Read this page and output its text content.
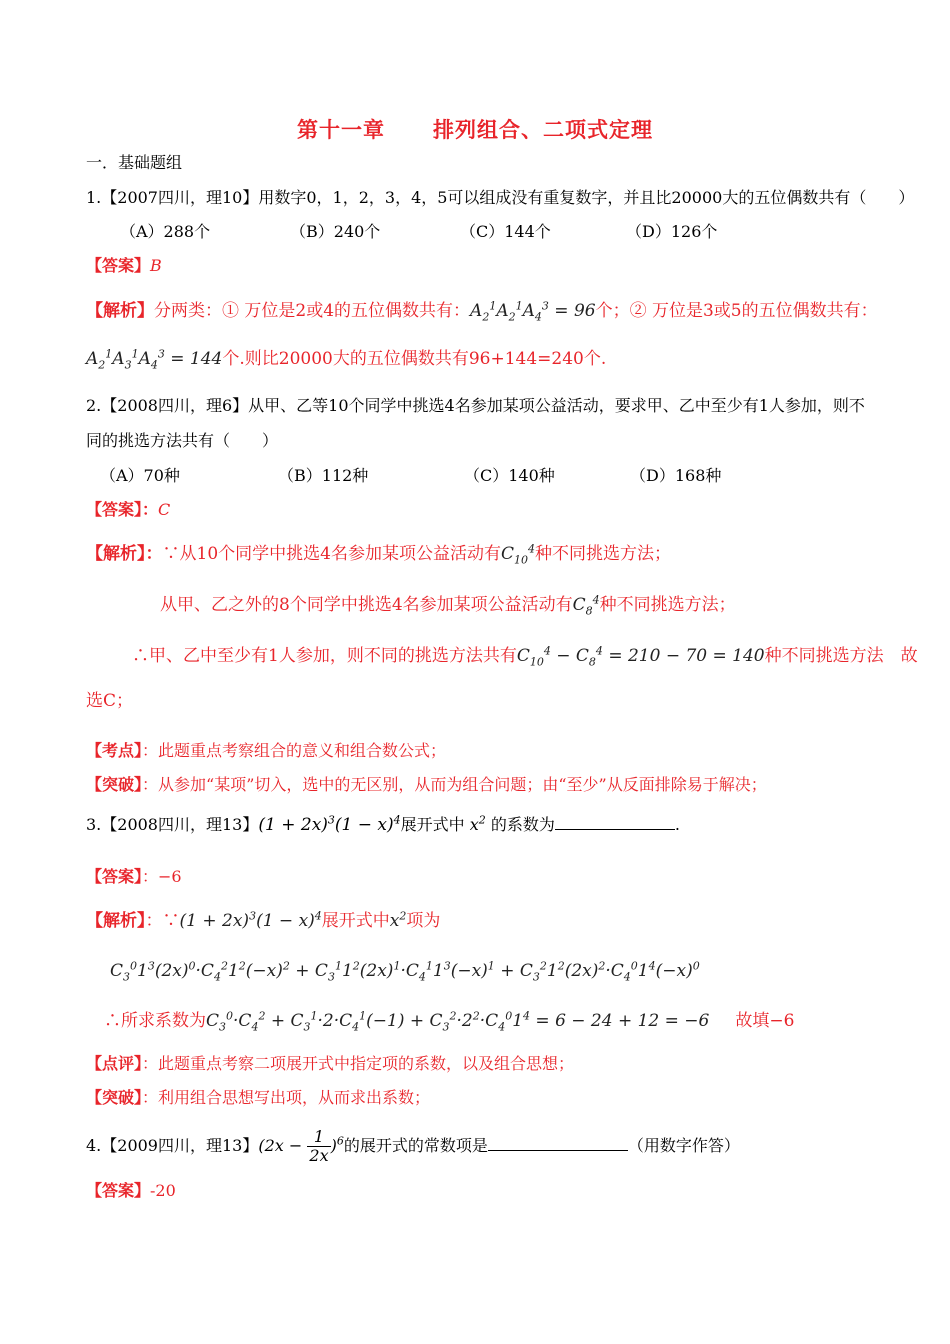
第十一章 排列组合、二项式定理
一．基础题组
1.【2007四川，理10】用数字0，1，2，3，4，5可以组成没有重复数字，并且比20000大的五位偶数共有（　　）
（A）288个	（B）240个	（C）144个	（D）126个
【答案】B
【解析】分两类：① 万位是2或4的五位偶数共有：$A_2^1A_2^1A_4^3 = 96$个；② 万位是3或5的五位偶数共有：
$A_2^1A_3^1A_4^3 = 144$个.则比20000大的五位偶数共有96+144=240个.
2.【2008四川，理6】从甲、乙等10个同学中挑选4名参加某项公益活动，要求甲、乙中至少有1人参加，则不
同的挑选方法共有（　　）
（A）70种	（B）112种	（C）140种	（D）168种
【答案】：C
【解析】：∵从10个同学中挑选4名参加某项公益活动有$C_{10}^4$种不同挑选方法；
从甲、乙之外的8个同学中挑选4名参加某项公益活动有$C_8^4$种不同挑选方法；
∴甲、乙中至少有1人参加，则不同的挑选方法共有$C_{10}^4 - C_8^4 = 210 - 70 = 140$种不同挑选方法　故
选C；
【考点】：此题重点考察组合的意义和组合数公式；
【突破】：从参加“某项”切入，选中的无区别，从而为组合问题；由“至少”从反面排除易于解决；
3.【2008四川，理13】$(1 + 2x)^3(1 - x)^4$展开式中 $x^2$ 的系数为	.
【答案】：−6
【解析】：∵(1 + $2x)^3(1 - x)^4$展开式中$x^2$项为
$C_3^01^3(2x)^0\cdot C_4^21^2(-x)^2 + C_3^11^2(2x)^1\cdot C_4^11^3(-x)^1 + C_3^21^2(2x)^2\cdot C_4^01^4(-x)^0$
∴所求系数为$C_3^0\cdot C_4^2 + C_3^1\cdot 2\cdot C_4^1(-1) + C_3^2\cdot 2^2\cdot C_4^01^4 = 6 - 24 + 12 = -6$ 故填−6
【点评】：此题重点考察二项展开式中指定项的系数，以及组合思想；
【突破】：利用组合思想写出项，从而求出系数；
4.【2009四川，理13】$(2x - \frac{1}{2x} )^6$的展开式的常数项是	（用数字作答）
【答案】-20
